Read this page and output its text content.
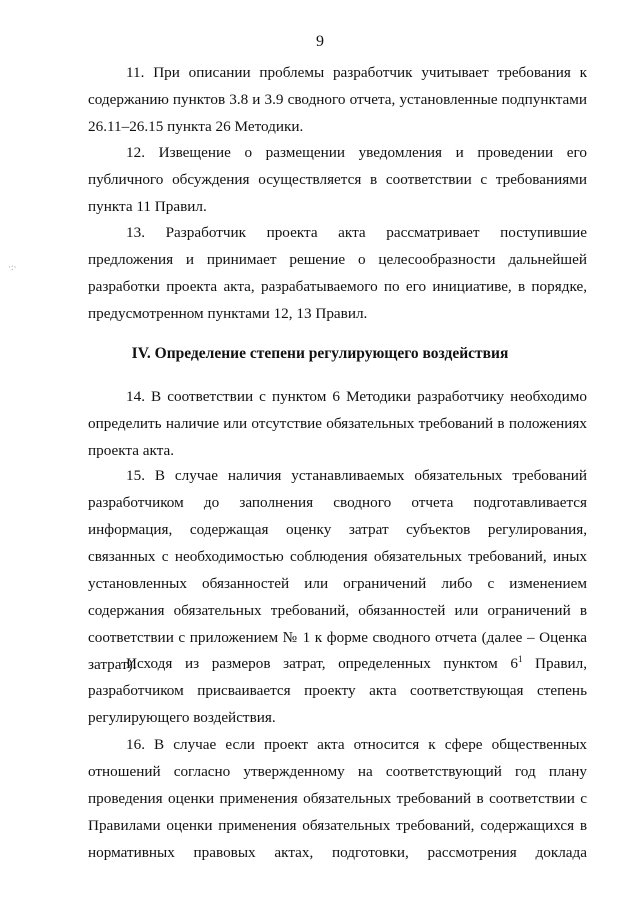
9
·:·

11. При описании проблемы разработчик учитывает требования к содержанию пунктов 3.8 и 3.9 сводного отчета, установленные подпунктами 26.11–26.15 пункта 26 Методики.

12. Извещение о размещении уведомления и проведении его публичного обсуждения осуществляется в соответствии с требованиями пункта 11 Правил.

13. Разработчик проекта акта рассматривает поступившие предложения и принимает решение о целесообразности дальнейшей разработки проекта акта, разрабатываемого по его инициативе, в порядке, предусмотренном пунктами 12, 13 Правил.

IV. Определение степени регулирующего воздействия

14. В соответствии с пунктом 6 Методики разработчику необходимо определить наличие или отсутствие обязательных требований в положениях проекта акта.

15. В случае наличия устанавливаемых обязательных требований разработчиком до заполнения сводного отчета подготавливается информация, содержащая оценку затрат субъектов регулирования, связанных с необходимостью соблюдения обязательных требований, иных установленных обязанностей или ограничений либо с изменением содержания обязательных требований, обязанностей или ограничений в соответствии с приложением № 1 к форме сводного отчета (далее – Оценка затрат).

Исходя из размеров затрат, определенных пунктом $6^1$ Правил, разработчиком присваивается проекту акта соответствующая степень регулирующего воздействия.

16. В случае если проект акта относится к сфере общественных отношений согласно утвержденному на соответствующий год плану проведения оценки применения обязательных требований в соответствии с Правилами оценки применения обязательных требований, содержащихся в нормативных правовых актах, подготовки, рассмотрения доклада
